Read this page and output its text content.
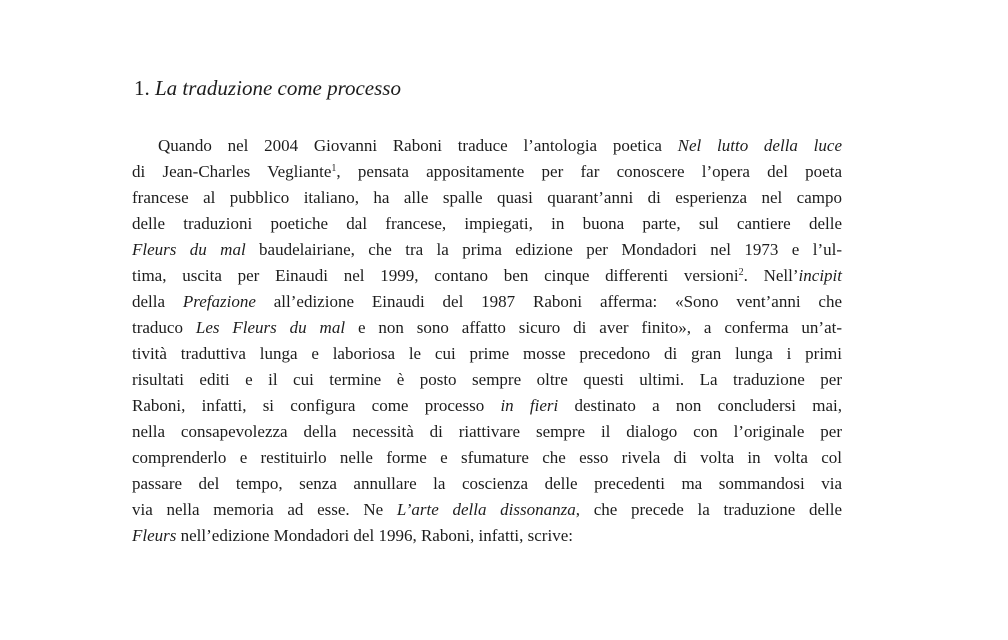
1. La traduzione come processo
Quando nel 2004 Giovanni Raboni traduce l’antologia poetica Nel lutto della luce
di Jean-Charles Vegliante$^1$, pensata appositamente per far conoscere l’opera del poeta
francese al pubblico italiano, ha alle spalle quasi quarant’anni di esperienza nel campo
delle traduzioni poetiche dal francese, impiegati, in buona parte, sul cantiere delle
Fleurs du mal baudelairiane, che tra la prima edizione per Mondadori nel 1973 e l’ul-
tima, uscita per Einaudi nel 1999, contano ben cinque differenti versioni$^2$. Nell’incipit
della Prefazione all’edizione Einaudi del 1987 Raboni afferma: «Sono vent’anni che
traduco Les Fleurs du mal e non sono affatto sicuro di aver finito», a conferma un’at-
tività traduttiva lunga e laboriosa le cui prime mosse precedono di gran lunga i primi
risultati editi e il cui termine è posto sempre oltre questi ultimi. La traduzione per
Raboni, infatti, si configura come processo in fieri destinato a non concludersi mai,
nella consapevolezza della necessità di riattivare sempre il dialogo con l’originale per
comprenderlo e restituirlo nelle forme e sfumature che esso rivela di volta in volta col
passare del tempo, senza annullare la coscienza delle precedenti ma sommandosi via
via nella memoria ad esse. Ne L’arte della dissonanza, che precede la traduzione delle
Fleurs nell’edizione Mondadori del 1996, Raboni, infatti, scrive:
